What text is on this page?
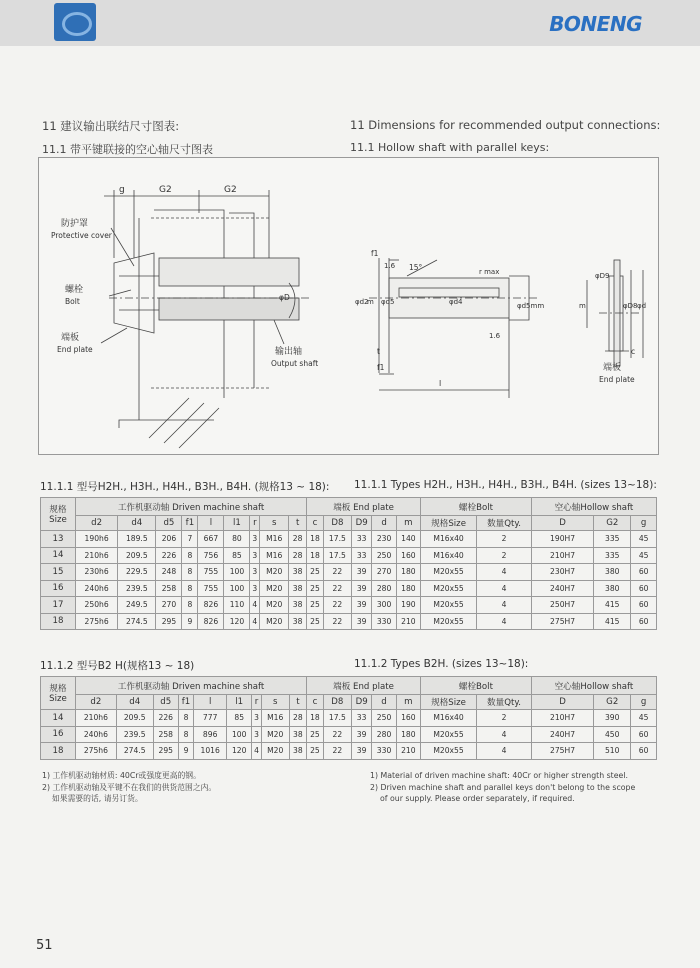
BONENG
11 建议输出联结尺寸图表:	11 Dimensions for recommended output connections:
11.1 带平键联接的空心轴尺寸图表	11.1 Hollow shaft with parallel keys:
g	G2	G2
防护罩
Protective cover
螺栓
Bolt
端板
End plate	输出轴
Output shaft
φD
f1
15°
1.6
φd2
m φd5	φd4
r max
φd5mm
1.6
t
f1
l
φD9
m	φD8 φd
c
端板
End plate
11.1.1 型号H2H., H3H., H4H., B3H., B4H. (规格13 ~ 18): 11.1.1 Types H2H., H3H., H4H., B3H., B4H. (sizes 13~18):
规格
Size	工作机驱动轴 Driven machine shaft									端板 End plate					螺栓Bolt		空心轴Hollow shaft		
	d2	d4	d5	f1	l	l1	r	s	t	c	D8	D9	d	m	规格Size	数量Qty.	D	G2	g
13	190h6	189.5	206	7	667	80	3	M16	28	18	17.5	33	230	140	M16x40	2	190H7	335	45
14	210h6	209.5	226	8	756	85	3	M16	28	18	17.5	33	250	160	M16x40	2	210H7	335	45
15	230h6	229.5	248	8	755	100	3	M20	38	25	22	39	270	180	M20x55	4	230H7	380	60
16	240h6	239.5	258	8	755	100	3	M20	38	25	22	39	280	180	M20x55	4	240H7	380	60
17	250h6	249.5	270	8	826	110	4	M20	38	25	22	39	300	190	M20x55	4	250H7	415	60
18	275h6	274.5	295	9	826	120	4	M20	38	25	22	39	330	210	M20x55	4	275H7	415	60
11.1.2 型号B2 H(规格13 ~ 18)	11.1.2 Types B2H. (sizes 13~18):
规格
Size	工作机驱动轴 Driven machine shaft									端板 End plate					螺栓Bolt		空心轴Hollow shaft		
	d2	d4	d5	f1	l	l1	r	s	t	c	D8	D9	d	m	规格Size	数量Qty.	D	G2	g
14	210h6	209.5	226	8	777	85	3	M16	28	18	17.5	33	250	160	M16x40	2	210H7	390	45
16	240h6	239.5	258	8	896	100	3	M20	38	25	22	39	280	180	M20x55	4	240H7	450	60
18	275h6	274.5	295	9	1016	120	4	M20	38	25	22	39	330	210	M20x55	4	275H7	510	60
1) 工作机驱动轴材质: 40Cr或强度更高的钢。
2) 工作机驱动轴及平键不在我们的供货范围之内。
如果需要的话, 请另订货。
1) Material of driven machine shaft: 40Cr or higher strength steel.
2) Driven machine shaft and parallel keys don't belong to the scope
of our supply. Please order separately, if required.
51
